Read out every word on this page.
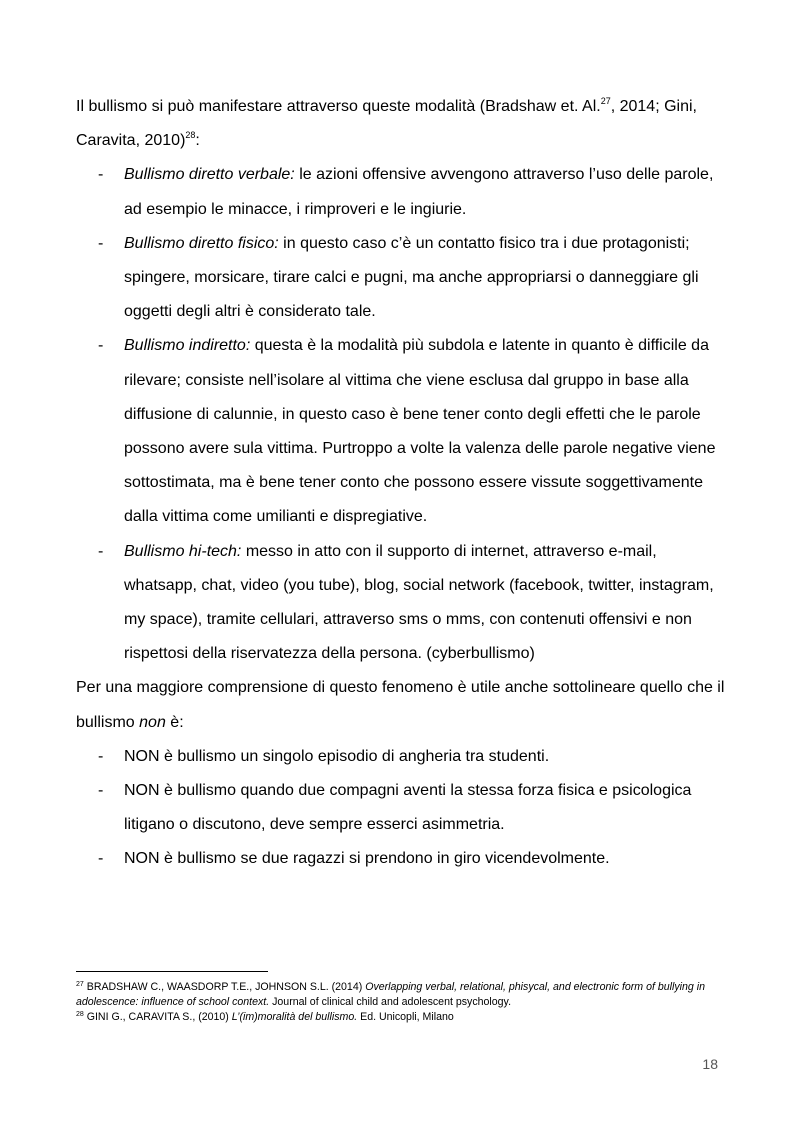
Il bullismo si può manifestare attraverso queste modalità (Bradshaw et. Al.$^{27}$, 2014; Gini, Caravita, 2010)$^{28}$:

- Bullismo diretto verbale: le azioni offensive avvengono attraverso l’uso delle parole, ad esempio le minacce, i rimproveri e le ingiurie.
- Bullismo diretto fisico: in questo caso c’è un contatto fisico tra i due protagonisti; spingere, morsicare, tirare calci e pugni, ma anche appropriarsi o danneggiare gli oggetti degli altri è considerato tale.
- Bullismo indiretto: questa è la modalità più subdola e latente in quanto è difficile da rilevare; consiste nell’isolare al vittima che viene esclusa dal gruppo in base alla diffusione di calunnie, in questo caso è bene tener conto degli effetti che le parole possono avere sula vittima. Purtroppo a volte la valenza delle parole negative viene sottostimata, ma è bene tener conto che possono essere vissute soggettivamente dalla vittima come umilianti e dispregiative.
- Bullismo hi-tech: messo in atto con il supporto di internet, attraverso e-mail, whatsapp, chat, video (you tube), blog, social network (facebook, twitter, instagram, my space), tramite cellulari, attraverso sms o mms, con contenuti offensivi e non rispettosi della riservatezza della persona. (cyberbullismo)

Per una maggiore comprensione di questo fenomeno è utile anche sottolineare quello che il bullismo non è:

- NON è bullismo un singolo episodio di angheria tra studenti.
- NON è bullismo quando due compagni aventi la stessa forza fisica e psicologica litigano o discutono, deve sempre esserci asimmetria.
- NON è bullismo se due ragazzi si prendono in giro vicendevolmente.

$^{27}$ BRADSHAW C., WAASDORP T.E., JOHNSON S.L. (2014) Overlapping verbal, relational, phisycal, and electronic form of bullying in adolescence: influence of school context. Journal of clinical child and adolescent psychology.

$^{28}$ GINI G., CARAVITA S., (2010) L’(im)moralità del bullismo. Ed. Unicopli, Milano

18
